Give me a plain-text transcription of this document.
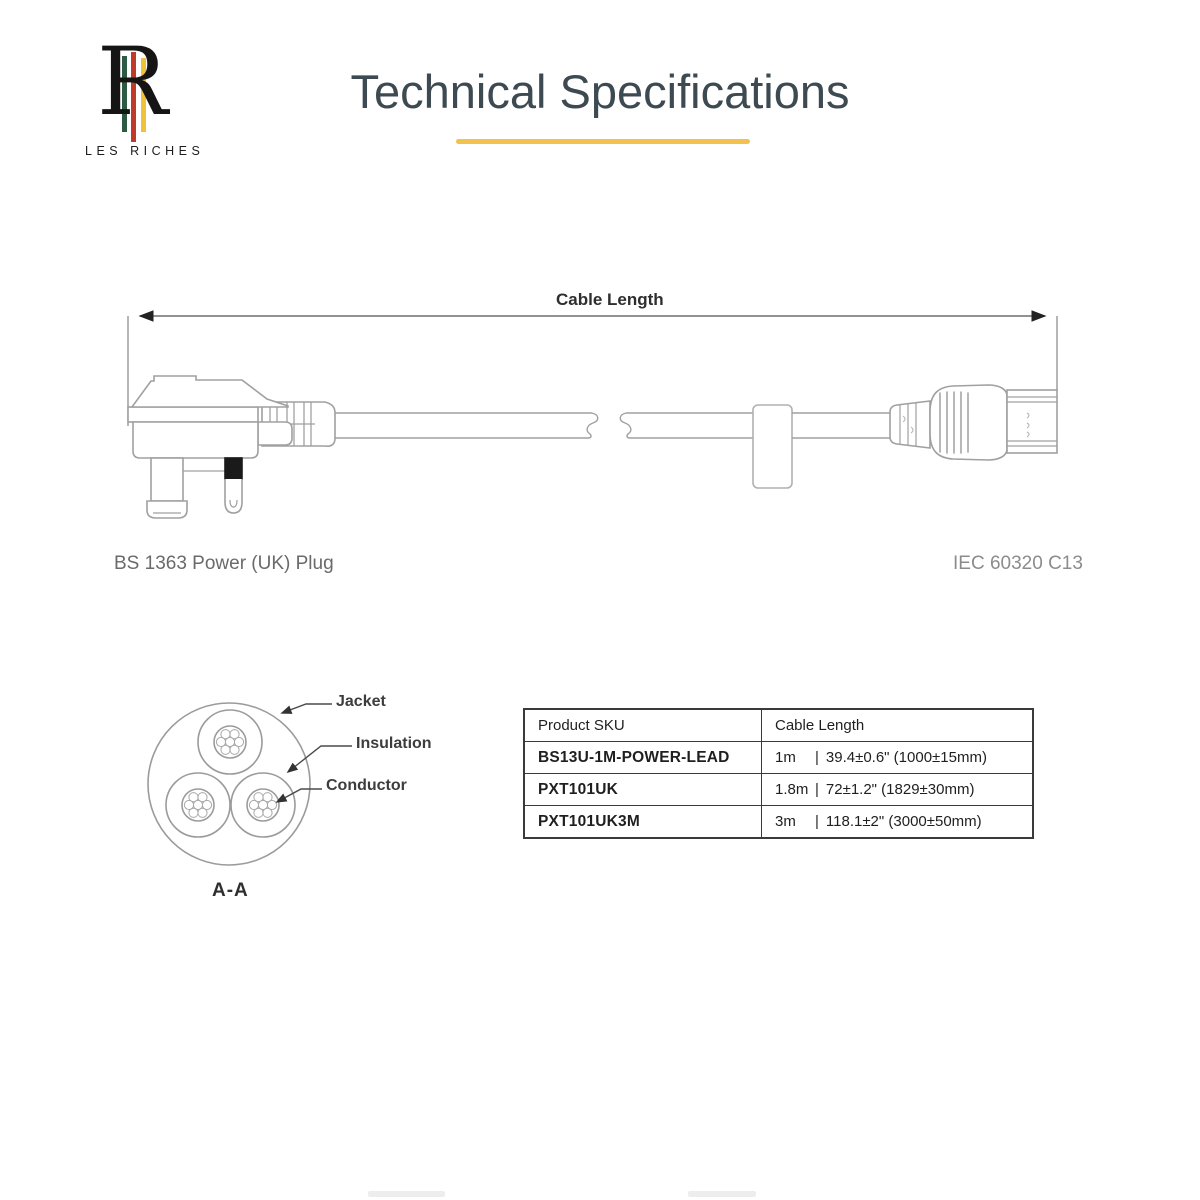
R
LES RICHES
Technical Specifications
Cable Length
BS 1363 Power (UK) Plug	IEC 60320 C13
Jacket
Insulation
Conductor
A-A
Product SKU	Cable Length
BS13U-1M-POWER-LEAD	1m | 39.4±0.6" (1000±15mm)
PXT101UK	1.8m | 72±1.2" (1829±30mm)
PXT101UK3M	3m | 118.1±2" (3000±50mm)
